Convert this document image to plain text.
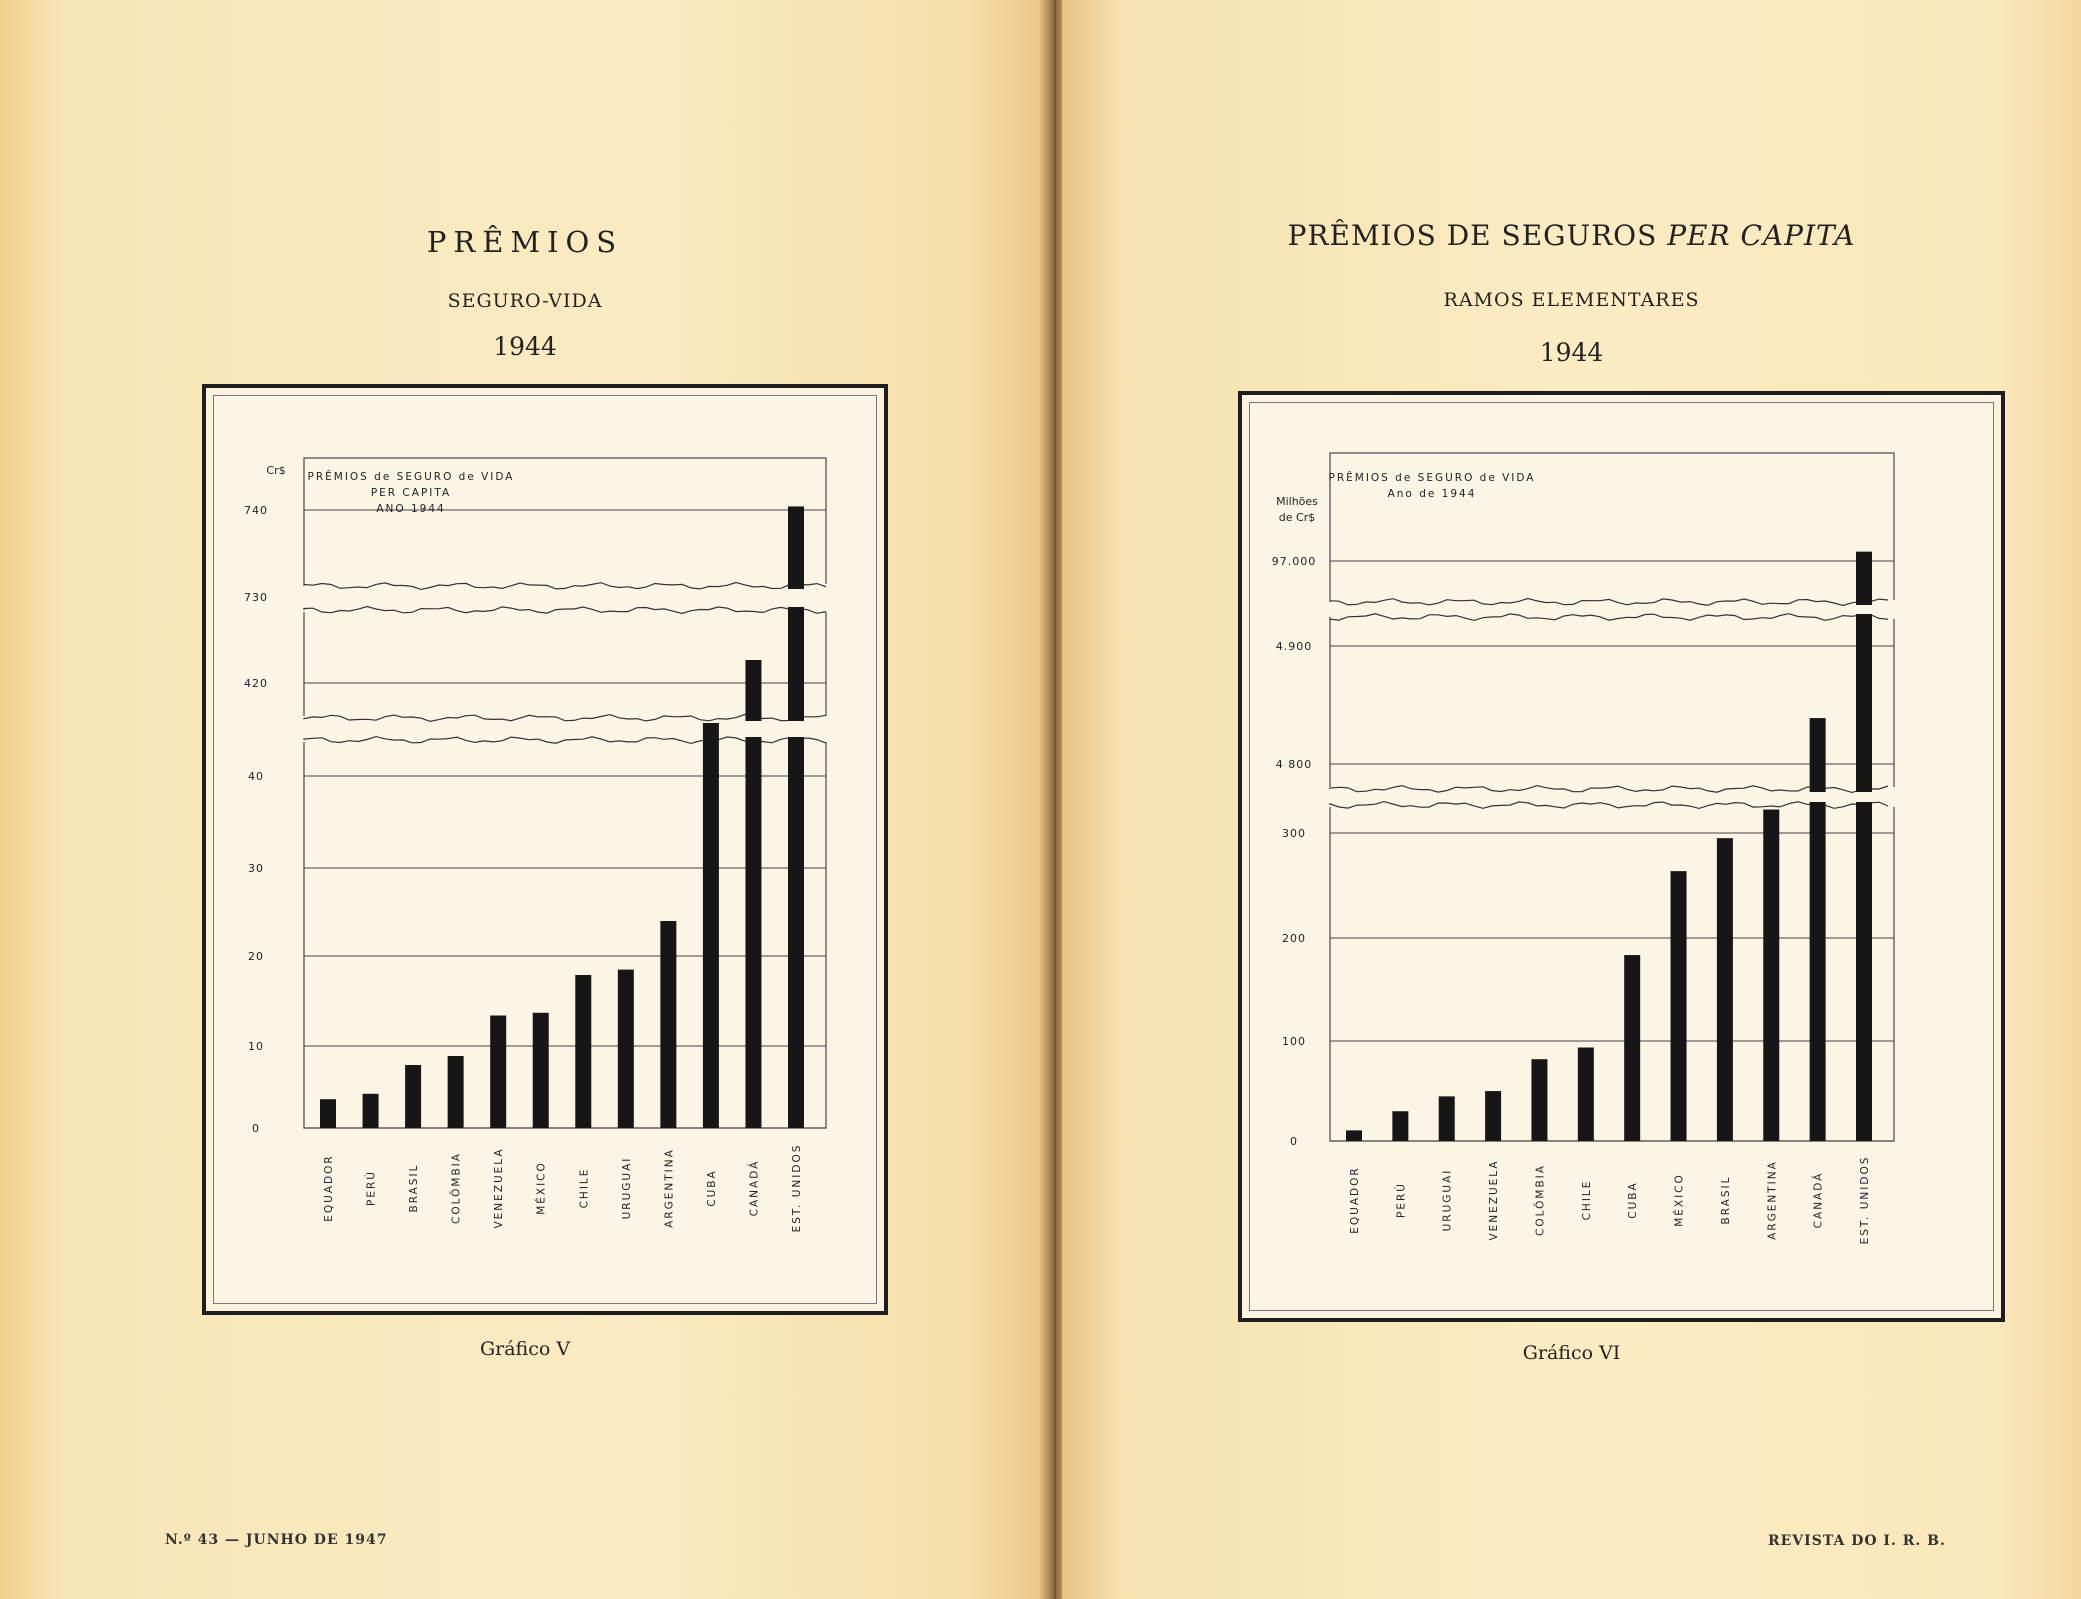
PRÊMIOS
SEGURO-VIDA
1944
0
10
20
30
40
420
730
740
Cr$ PRÊMIOS de SEGURO de VIDA
PER CAPITA
ANO 1944
EQUADOR	PERÚ	BRASIL	COLÔMBIA	VENEZUELA	MÉXICO	CHILE	URUGUAI	ARGENTINA	CUBA	CANADÁ	EST. UNIDOS
Gráfico V
N.º 43 — JUNHO DE 1947
PRÊMIOS DE SEGUROS PER CAPITA
RAMOS ELEMENTARES
1944
0
100
200
300
4 800
4.900
97.000
Milhões
de Cr$
PRÊMIOS de SEGURO de VIDA
Ano de 1944
EQUADOR	PERÚ	URUGUAI	VENEZUELA	COLÔMBIA	CHILE	CUBA	MÉXICO	BRASIL	ARGENTINA	CANADÁ	EST. UNIDOS
Gráfico VI
REVISTA DO I. R. B.
